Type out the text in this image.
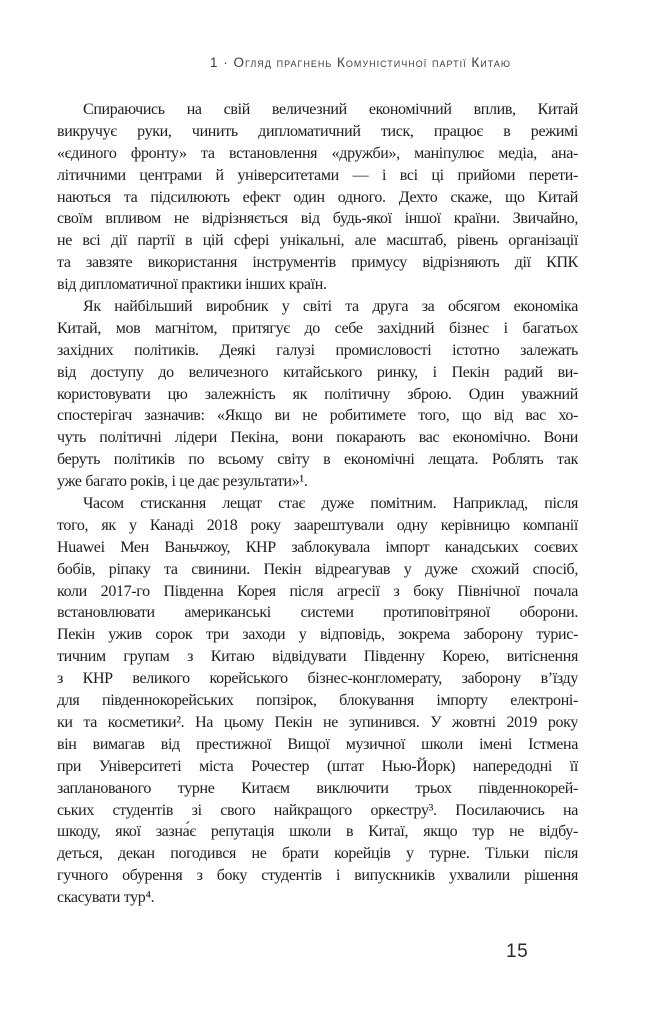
1 · Огляд прагнень Комуністичної партії Китаю

Спираючись на свій величезний економічний вплив, Китай
викручує руки, чинить дипломатичний тиск, працює в режимі
«єдиного фронту» та встановлення «дружби», маніпулює медіа, ана-
літичними центрами й університетами — і всі ці прийоми перети-
наються та підсилюють ефект один одного. Дехто скаже, що Китай
своїм впливом не відрізняється від будь-якої іншої країни. Звичайно,
не всі дії партії в цій сфері унікальні, але масштаб, рівень організації
та завзяте використання інструментів примусу відрізняють дії КПК
від дипломатичної практики інших країн.

Як найбільший виробник у світі та друга за обсягом економіка
Китай, мов магнітом, притягує до себе західний бізнес і багатьох
західних політиків. Деякі галузі промисловості істотно залежать
від доступу до величезного китайського ринку, і Пекін радий ви-
користовувати цю залежність як політичну зброю. Один уважний
спостерігач зазначив: «Якщо ви не робитимете того, що від вас хо-
чуть політичні лідери Пекіна, вони покарають вас економічно. Вони
беруть політиків по всьому світу в економічні лещата. Роблять так
уже багато років, і це дає результати»¹.

Часом стискання лещат стає дуже помітним. Наприклад, після
того, як у Канаді 2018 року заарештували одну керівницю компанії
Huawei Мен Ваньчжоу, КНР заблокувала імпорт канадських соєвих
бобів, ріпаку та свинини. Пекін відреагував у дуже схожий спосіб,
коли 2017-го Південна Корея після агресії з боку Північної почала
встановлювати американські системи протиповітряної оборони.
Пекін ужив сорок три заходи у відповідь, зокрема заборону турис-
тичним групам з Китаю відвідувати Південну Корею, витіснення
з КНР великого корейського бізнес-конгломерату, заборону в’їзду
для південнокорейських попзірок, блокування імпорту електроні-
ки та косметики². На цьому Пекін не зупинився. У жовтні 2019 року
він вимагав від престижної Вищої музичної школи імені Істмена
при Університеті міста Рочестер (штат Нью-Йорк) напередодні її
запланованого турне Китаєм виключити трьох південнокорей-
ських студентів зі свого найкращого оркестру³. Посилаючись на
шкоду, якої зазна́є репутація школи в Китаї, якщо тур не відбу-
деться, декан погодився не брати корейців у турне. Тільки після
гучного обурення з боку студентів і випускників ухвалили рішення
скасувати тур⁴.

15
